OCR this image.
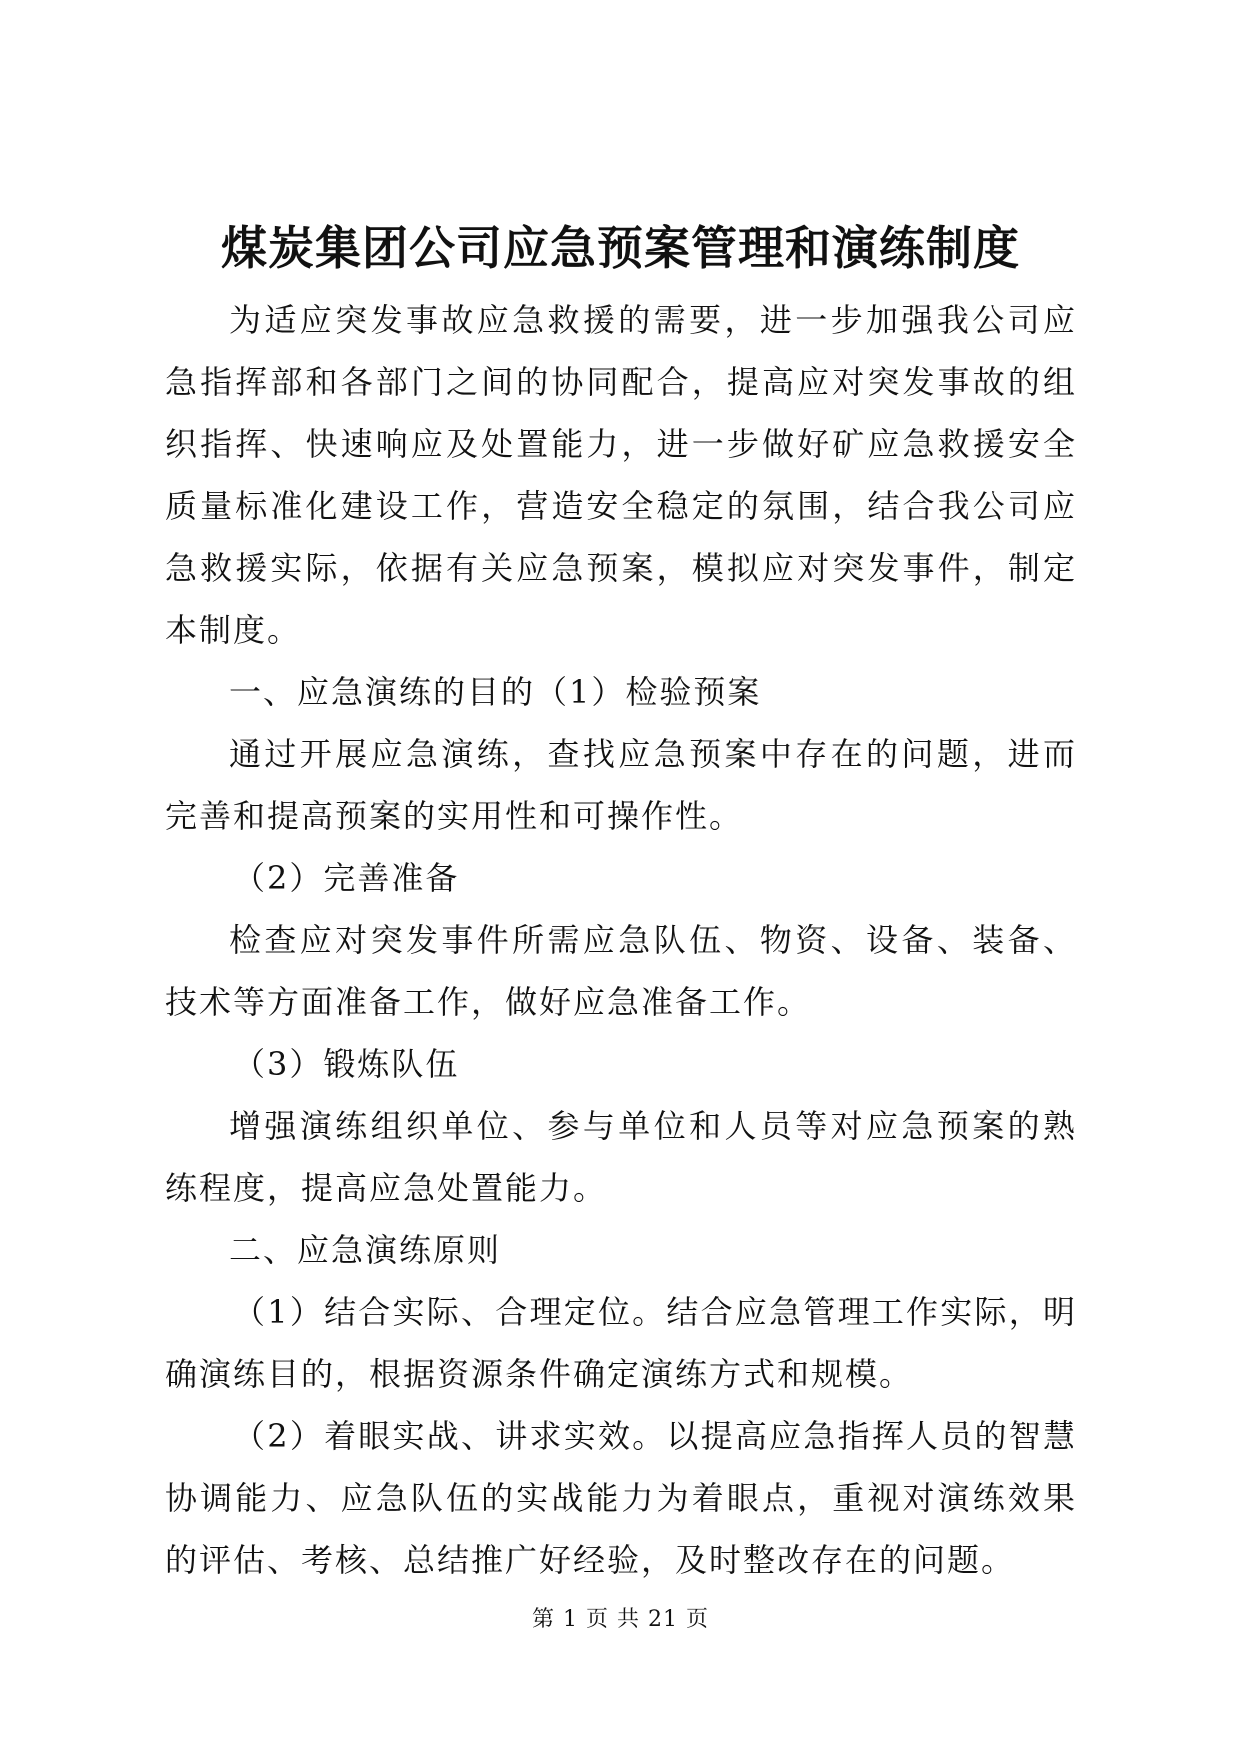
煤炭集团公司应急预案管理和演练制度

为适应突发事故应急救援的需要，进一步加强我公司应急指挥部和各部门之间的协同配合，提高应对突发事故的组织指挥、快速响应及处置能力，进一步做好矿应急救援安全质量标准化建设工作，营造安全稳定的氛围，结合我公司应急救援实际，依据有关应急预案，模拟应对突发事件，制定本制度。

一、应急演练的目的（1）检验预案

通过开展应急演练，查找应急预案中存在的问题，进而完善和提高预案的实用性和可操作性。

（2）完善准备

检查应对突发事件所需应急队伍、物资、设备、装备、技术等方面准备工作，做好应急准备工作。

（3）锻炼队伍

增强演练组织单位、参与单位和人员等对应急预案的熟练程度，提高应急处置能力。

二、应急演练原则

（1）结合实际、合理定位。结合应急管理工作实际，明确演练目的，根据资源条件确定演练方式和规模。

（2）着眼实战、讲求实效。以提高应急指挥人员的智慧协调能力、应急队伍的实战能力为着眼点，重视对演练效果的评估、考核、总结推广好经验，及时整改存在的问题。

第 1 页 共 21 页
